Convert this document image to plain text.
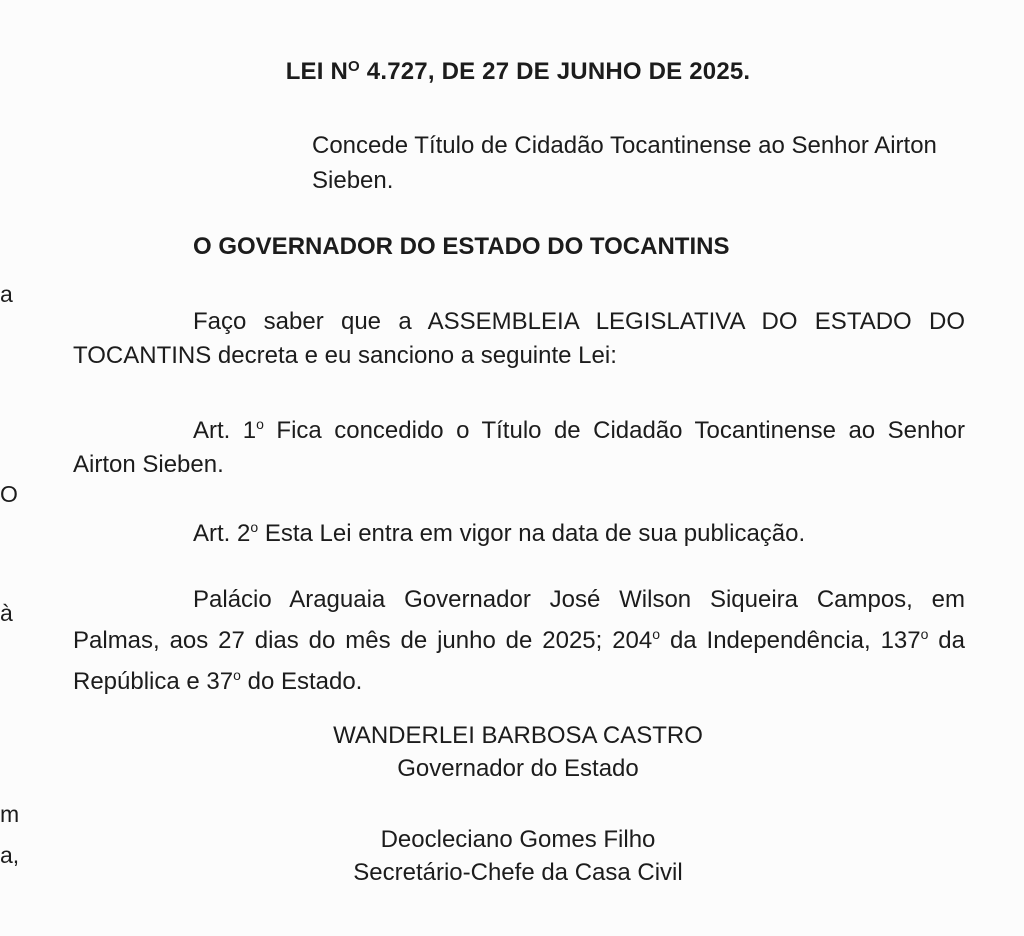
a
O
à
m
a,
LEI $N^O$ 4.727, DE 27 DE JUNHO DE 2025.
Concede Título de Cidadão Tocantinense ao Senhor Airton Sieben.
O GOVERNADOR DO ESTADO DO TOCANTINS
Faço saber que a ASSEMBLEIA LEGISLATIVA DO ESTADO DO TOCANTINS decreta e eu sanciono a seguinte Lei:
Art. 1$^o$ Fica concedido o Título de Cidadão Tocantinense ao Senhor Airton Sieben.
Art. 2$^o$ Esta Lei entra em vigor na data de sua publicação.
Palácio Araguaia Governador José Wilson Siqueira Campos, em Palmas, aos 27 dias do mês de junho de 2025; 204$^o$ da Independência, 137$^o$ da República e 37$^o$ do Estado.
WANDERLEI BARBOSA CASTRO
Governador do Estado
Deocleciano Gomes Filho
Secretário-Chefe da Casa Civil
